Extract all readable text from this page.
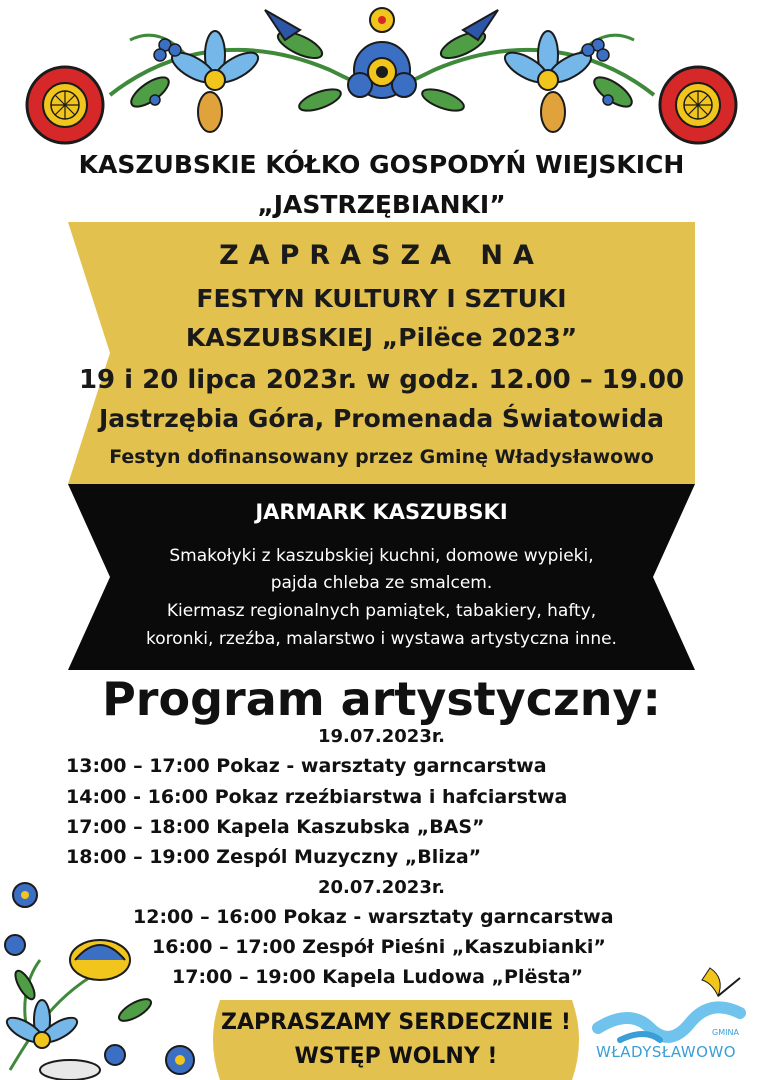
KASZUBSKIE KÓŁKO GOSPODYŃ WIEJSKICH
„JASTRZĘBIANKI”
ZAPRASZA NA
FESTYN KULTURY I SZTUKI
KASZUBSKIEJ „Pilëce 2023”
19 i 20 lipca 2023r. w godz. 12.00 – 19.00
Jastrzębia Góra, Promenada Światowida
Festyn dofinansowany przez Gminę Władysławowo
JARMARK KASZUBSKI
Smakołyki z kaszubskiej kuchni, domowe wypieki,
pajda chleba ze smalcem.
Kiermasz regionalnych pamiątek, tabakiery, hafty,
koronki, rzeźba, malarstwo i wystawa artystyczna inne.
Program artystyczny:
19.07.2023r.
13:00 – 17:00 Pokaz - warsztaty garncarstwa
14:00 - 16:00 Pokaz rzeźbiarstwa i hafciarstwa
17:00 – 18:00 Kapela Kaszubska „BAS”
18:00 – 19:00 Zespól Muzyczny „Bliza”
20.07.2023r.
12:00 – 16:00 Pokaz - warsztaty garncarstwa
16:00 – 17:00 Zespół Pieśni „Kaszubianki”
17:00 – 19:00 Kapela Ludowa „Plësta”
ZAPRASZAMY SERDECZNIE !
WSTĘP WOLNY !
GMINA
WŁADYSŁAWOWO
